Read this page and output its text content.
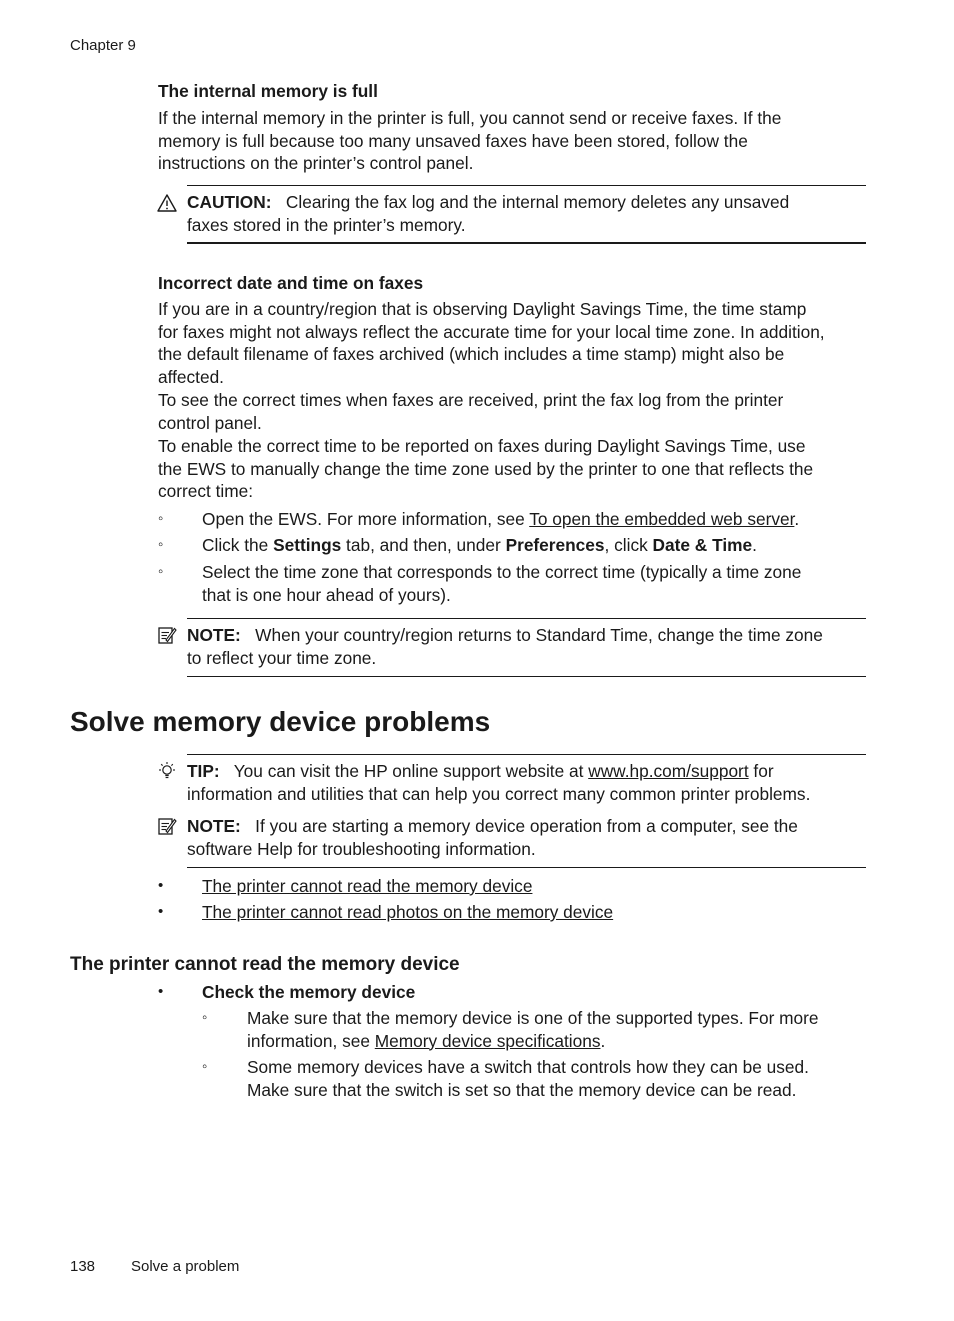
Chapter 9
The internal memory is full
If the internal memory in the printer is full, you cannot send or receive faxes. If the
memory is full because too many unsaved faxes have been stored, follow the
instructions on the printer’s control panel.
CAUTION: Clearing the fax log and the internal memory deletes any unsaved
faxes stored in the printer’s memory.
Incorrect date and time on faxes
If you are in a country/region that is observing Daylight Savings Time, the time stamp
for faxes might not always reflect the accurate time for your local time zone. In addition,
the default filename of faxes archived (which includes a time stamp) might also be
affected.
To see the correct times when faxes are received, print the fax log from the printer
control panel.
To enable the correct time to be reported on faxes during Daylight Savings Time, use
the EWS to manually change the time zone used by the printer to one that reflects the
correct time:
◦ Open the EWS. For more information, see To open the embedded web server.
◦ Click the Settings tab, and then, under Preferences, click Date & Time.
◦ Select the time zone that corresponds to the correct time (typically a time zone
that is one hour ahead of yours).
NOTE: When your country/region returns to Standard Time, change the time zone
to reflect your time zone.
Solve memory device problems
TIP: You can visit the HP online support website at www.hp.com/support for
information and utilities that can help you correct many common printer problems.
NOTE: If you are starting a memory device operation from a computer, see the
software Help for troubleshooting information.
• The printer cannot read the memory device
• The printer cannot read photos on the memory device
The printer cannot read the memory device
• Check the memory device
◦ Make sure that the memory device is one of the supported types. For more
information, see Memory device specifications.
◦ Some memory devices have a switch that controls how they can be used.
Make sure that the switch is set so that the memory device can be read.
138 Solve a problem
